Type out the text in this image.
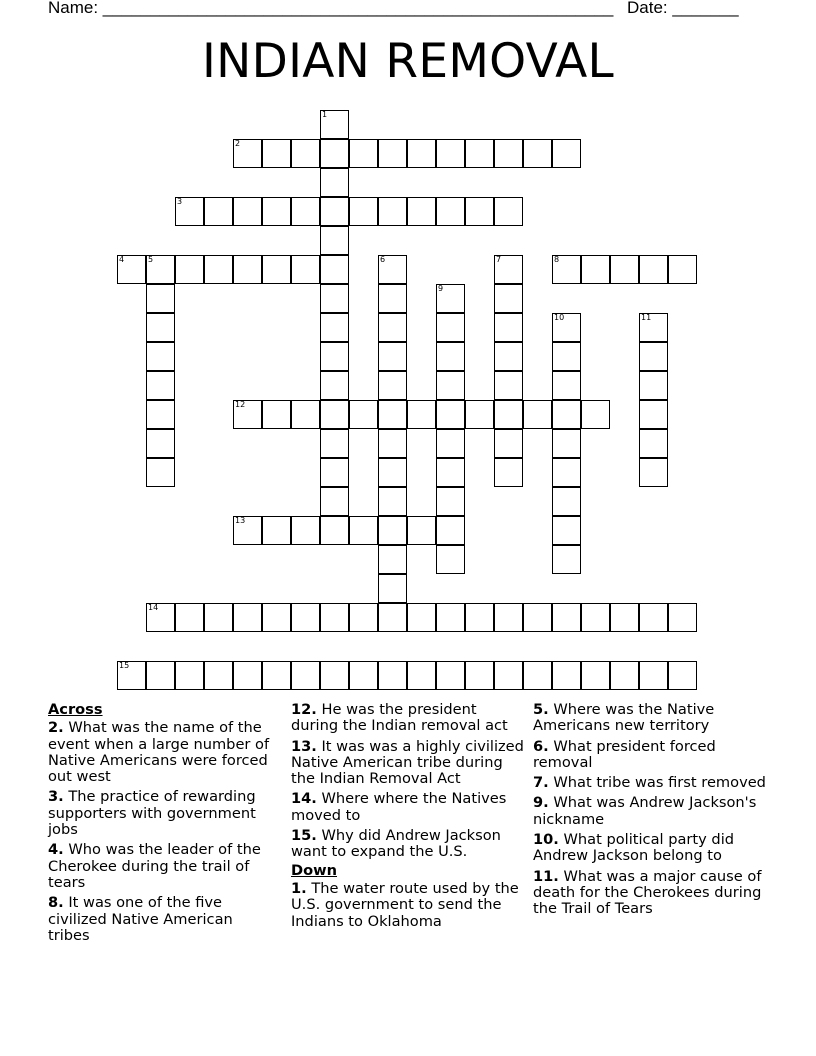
Name: ______________________________________________________ Date: _______
INDIAN REMOVAL
1
2
3
4	5	6	7	8
9
10	11
12
13
14
15
Across
2. What was the name of the event when a large number of Native Americans were forced out west
3. The practice of rewarding supporters with government jobs
4. Who was the leader of the Cherokee during the trail of tears
8. It was one of the five civilized Native American tribes
12. He was the president during the Indian removal act
13. It was was a highly civilized Native American tribe during the Indian Removal Act
14. Where where the Natives moved to
15. Why did Andrew Jackson want to expand the U.S.
Down
1. The water route used by the U.S. government to send the Indians to Oklahoma
5. Where was the Native Americans new territory
6. What president forced removal
7. What tribe was first removed
9. What was Andrew Jackson's nickname
10. What political party did Andrew Jackson belong to
11. What was a major cause of death for the Cherokees during the Trail of Tears
